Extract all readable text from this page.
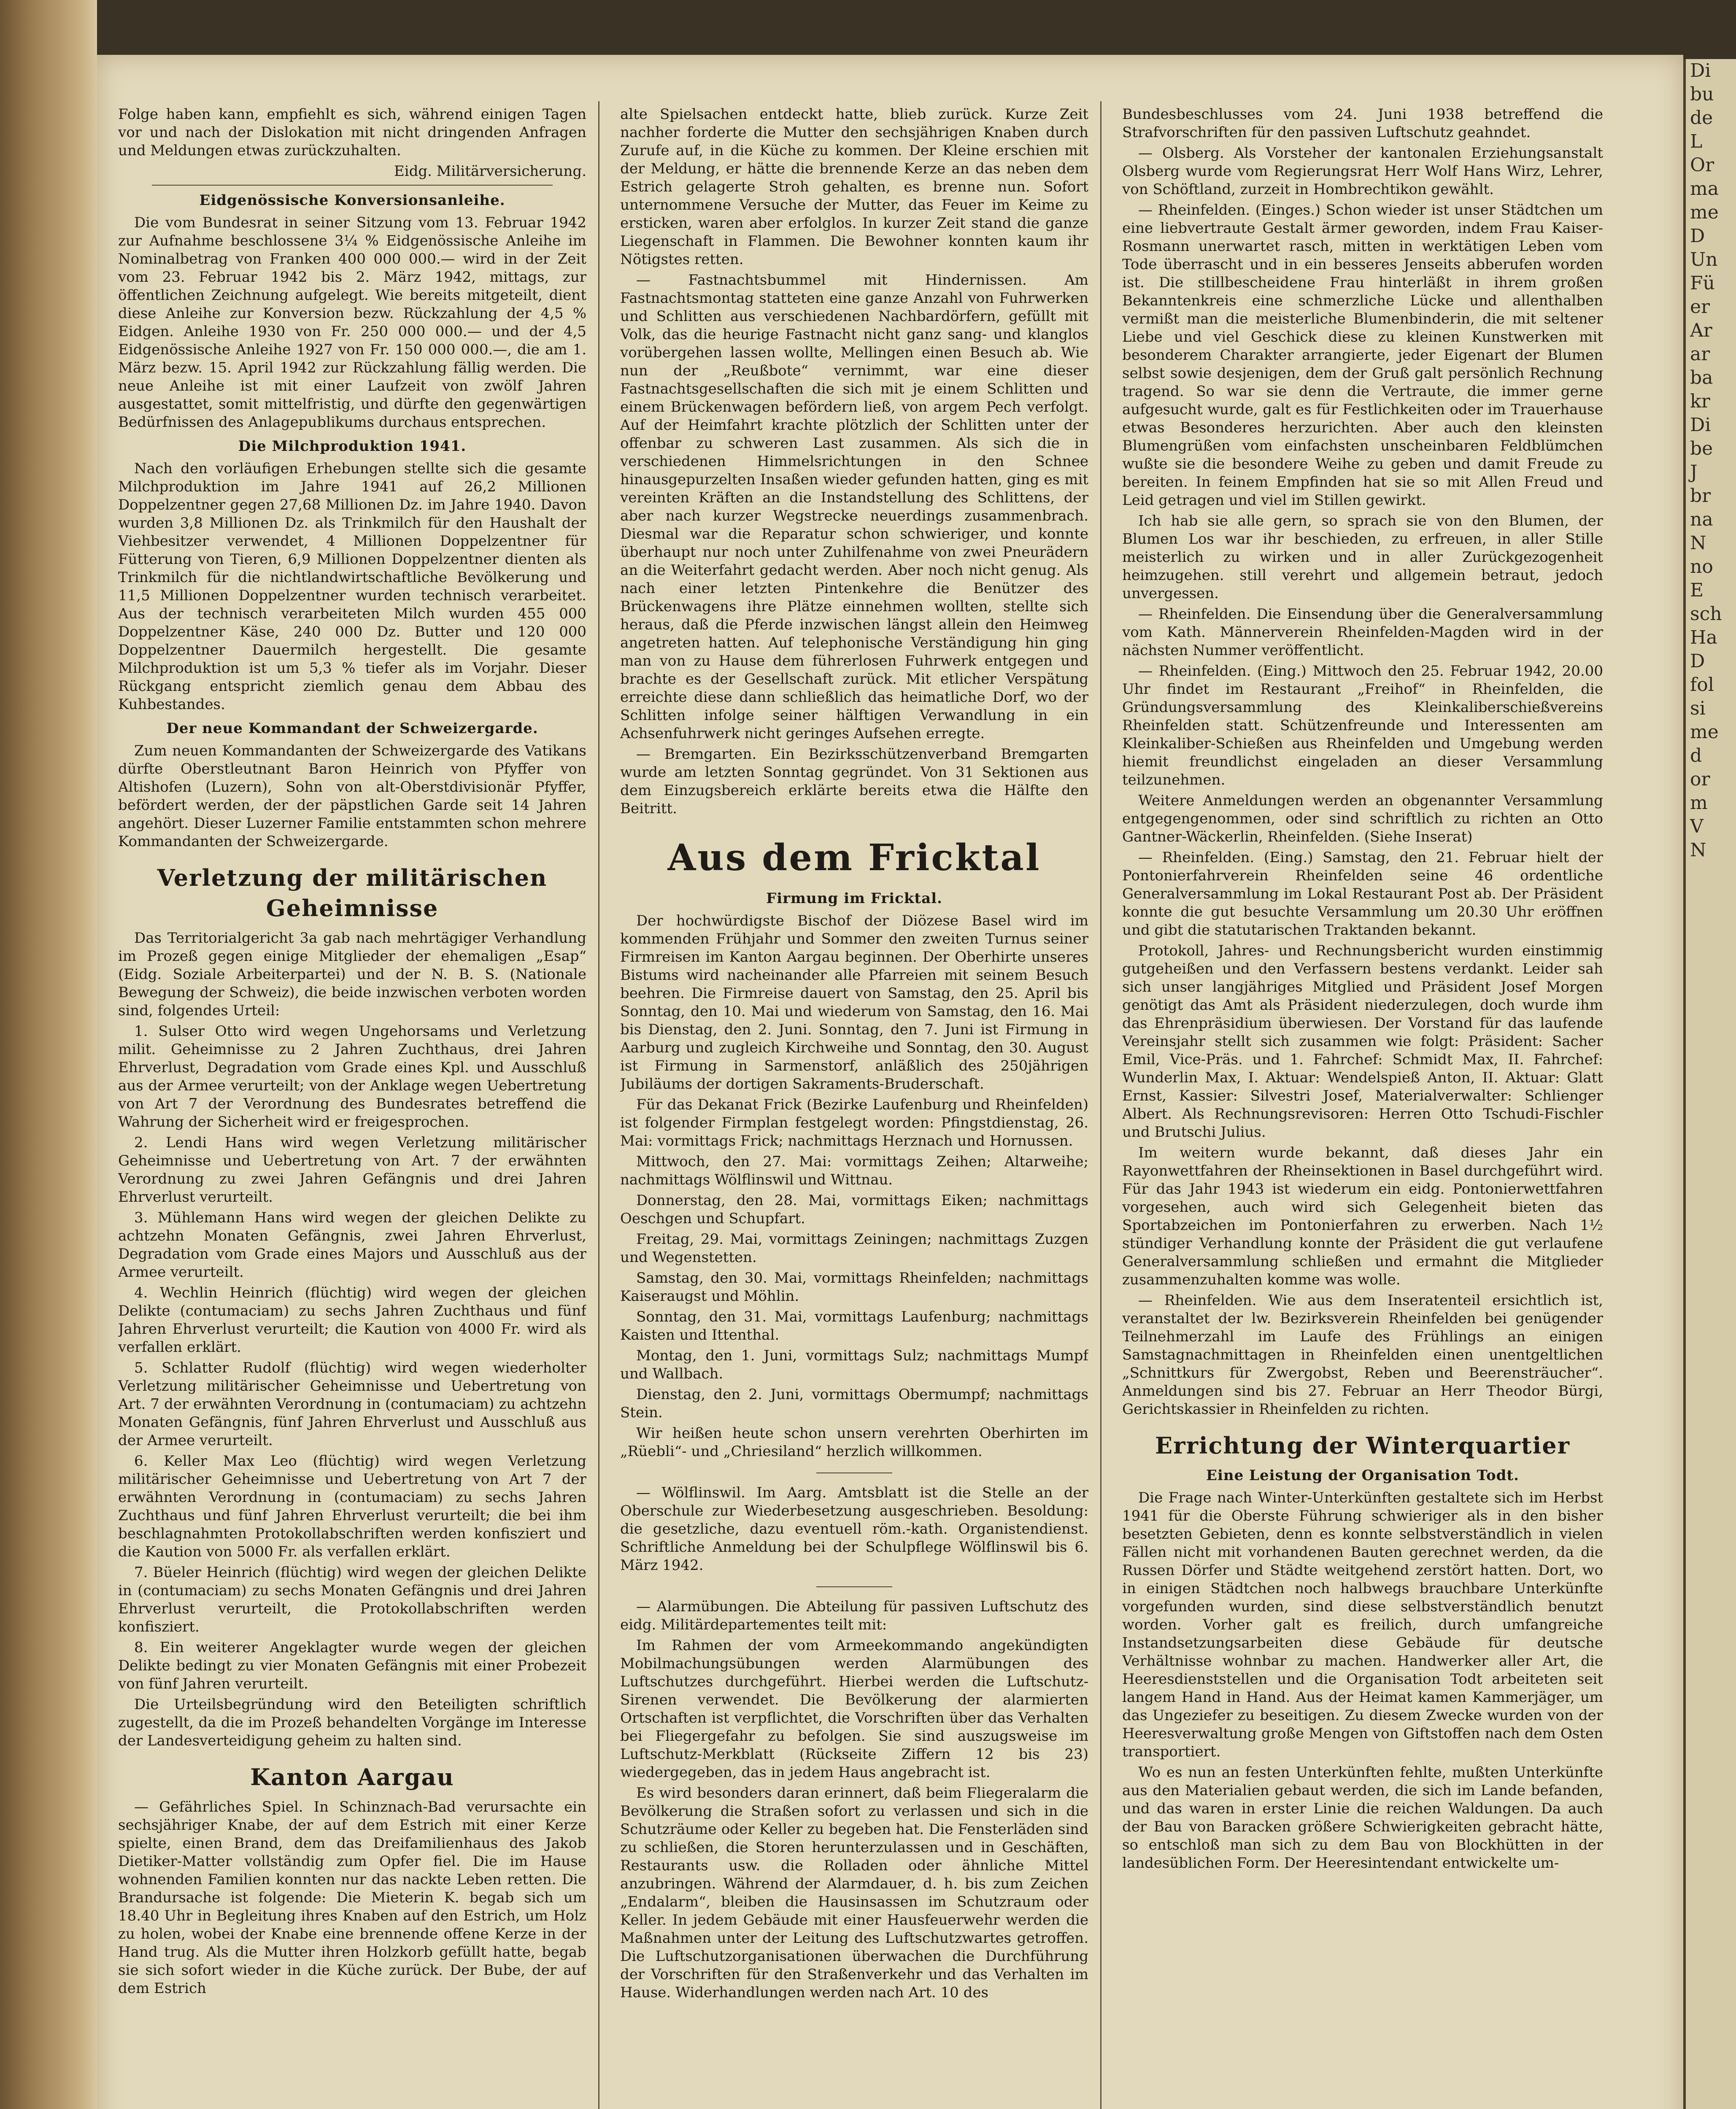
Folge haben kann, empfiehlt es sich, während einigen Tagen vor und nach der Dislokation mit nicht dringenden Anfragen und Meldungen etwas zurückzuhalten.

Eidg. Militärversicherung.

Eidgenössische Konversionsanleihe.

Die vom Bundesrat in seiner Sitzung vom 13. Februar 1942 zur Aufnahme beschlossene 3¼ % Eidgenössische Anleihe im Nominalbetrag von Franken 400 000 000.— wird in der Zeit vom 23. Februar 1942 bis 2. März 1942, mittags, zur öffentlichen Zeichnung aufgelegt. Wie bereits mitgeteilt, dient diese Anleihe zur Konversion bezw. Rückzahlung der 4,5 % Eidgen. Anleihe 1930 von Fr. 250 000 000.— und der 4,5 Eidgenössische Anleihe 1927 von Fr. 150 000 000.—, die am 1. März bezw. 15. April 1942 zur Rückzahlung fällig werden. Die neue Anleihe ist mit einer Laufzeit von zwölf Jahren ausgestattet, somit mittelfristig, und dürfte den gegenwärtigen Bedürfnissen des Anlagepublikums durchaus entsprechen.

Die Milchproduktion 1941.

Nach den vorläufigen Erhebungen stellte sich die gesamte Milchproduktion im Jahre 1941 auf 26,2 Millionen Doppelzentner gegen 27,68 Millionen Dz. im Jahre 1940. Davon wurden 3,8 Millionen Dz. als Trinkmilch für den Haushalt der Viehbesitzer verwendet, 4 Millionen Doppelzentner für Fütterung von Tieren, 6,9 Millionen Doppelzentner dienten als Trinkmilch für die nichtlandwirtschaftliche Bevölkerung und 11,5 Millionen Doppelzentner wurden technisch verarbeitet. Aus der technisch verarbeiteten Milch wurden 455 000 Doppelzentner Käse, 240 000 Dz. Butter und 120 000 Doppelzentner Dauermilch hergestellt. Die gesamte Milchproduktion ist um 5,3 % tiefer als im Vorjahr. Dieser Rückgang entspricht ziemlich genau dem Abbau des Kuhbestandes.

Der neue Kommandant der Schweizergarde.

Zum neuen Kommandanten der Schweizergarde des Vatikans dürfte Oberstleutnant Baron Heinrich von Pfyffer von Altishofen (Luzern), Sohn von alt-Oberstdivisionär Pfyffer, befördert werden, der der päpstlichen Garde seit 14 Jahren angehört. Dieser Luzerner Familie entstammten schon mehrere Kommandanten der Schweizergarde.

Verletzung der militärischen Geheimnisse

Das Territorialgericht 3a gab nach mehrtägiger Verhandlung im Prozeß gegen einige Mitglieder der ehemaligen „Esap“ (Eidg. Soziale Arbeiterpartei) und der N. B. S. (Nationale Bewegung der Schweiz), die beide inzwischen verboten worden sind, folgendes Urteil:

1. Sulser Otto wird wegen Ungehorsams und Verletzung milit. Geheimnisse zu 2 Jahren Zuchthaus, drei Jahren Ehrverlust, Degradation vom Grade eines Kpl. und Ausschluß aus der Armee verurteilt; von der Anklage wegen Uebertretung von Art 7 der Verordnung des Bundesrates betreffend die Wahrung der Sicherheit wird er freigesprochen.

2. Lendi Hans wird wegen Verletzung militärischer Geheimnisse und Uebertretung von Art. 7 der erwähnten Verordnung zu zwei Jahren Gefängnis und drei Jahren Ehrverlust verurteilt.

3. Mühlemann Hans wird wegen der gleichen Delikte zu achtzehn Monaten Gefängnis, zwei Jahren Ehrverlust, Degradation vom Grade eines Majors und Ausschluß aus der Armee verurteilt.

4. Wechlin Heinrich (flüchtig) wird wegen der gleichen Delikte (contumaciam) zu sechs Jahren Zuchthaus und fünf Jahren Ehrverlust verurteilt; die Kaution von 4000 Fr. wird als verfallen erklärt.

5. Schlatter Rudolf (flüchtig) wird wegen wiederholter Verletzung militärischer Geheimnisse und Uebertretung von Art. 7 der erwähnten Verordnung in (contumaciam) zu achtzehn Monaten Gefängnis, fünf Jahren Ehrverlust und Ausschluß aus der Armee verurteilt.

6. Keller Max Leo (flüchtig) wird wegen Verletzung militärischer Geheimnisse und Uebertretung von Art 7 der erwähnten Verordnung in (contumaciam) zu sechs Jahren Zuchthaus und fünf Jahren Ehrverlust verurteilt; die bei ihm beschlagnahmten Protokollabschriften werden konfisziert und die Kaution von 5000 Fr. als verfallen erklärt.

7. Büeler Heinrich (flüchtig) wird wegen der gleichen Delikte in (contumaciam) zu sechs Monaten Gefängnis und drei Jahren Ehrverlust verurteilt, die Protokollabschriften werden konfisziert.

8. Ein weiterer Angeklagter wurde wegen der gleichen Delikte bedingt zu vier Monaten Gefängnis mit einer Probezeit von fünf Jahren verurteilt.

Die Urteilsbegründung wird den Beteiligten schriftlich zugestellt, da die im Prozeß behandelten Vorgänge im Interesse der Landesverteidigung geheim zu halten sind.

Kanton Aargau

— Gefährliches Spiel. In Schinznach-Bad verursachte ein sechsjähriger Knabe, der auf dem Estrich mit einer Kerze spielte, einen Brand, dem das Dreifamilienhaus des Jakob Dietiker-Matter vollständig zum Opfer fiel. Die im Hause wohnenden Familien konnten nur das nackte Leben retten. Die Brandursache ist folgende: Die Mieterin K. begab sich um 18.40 Uhr in Begleitung ihres Knaben auf den Estrich, um Holz zu holen, wobei der Knabe eine brennende offene Kerze in der Hand trug. Als die Mutter ihren Holzkorb gefüllt hatte, begab sie sich sofort wieder in die Küche zurück. Der Bube, der auf dem Estrich

alte Spielsachen entdeckt hatte, blieb zurück. Kurze Zeit nachher forderte die Mutter den sechsjährigen Knaben durch Zurufe auf, in die Küche zu kommen. Der Kleine erschien mit der Meldung, er hätte die brennende Kerze an das neben dem Estrich gelagerte Stroh gehalten, es brenne nun. Sofort unternommene Versuche der Mutter, das Feuer im Keime zu ersticken, waren aber erfolglos. In kurzer Zeit stand die ganze Liegenschaft in Flammen. Die Bewohner konnten kaum ihr Nötigstes retten.

— Fastnachtsbummel mit Hindernissen. Am Fastnachtsmontag statteten eine ganze Anzahl von Fuhrwerken und Schlitten aus verschiedenen Nachbardörfern, gefüllt mit Volk, das die heurige Fastnacht nicht ganz sang- und klanglos vorübergehen lassen wollte, Mellingen einen Besuch ab. Wie nun der „Reußbote“ vernimmt, war eine dieser Fastnachtsgesellschaften die sich mit je einem Schlitten und einem Brückenwagen befördern ließ, von argem Pech verfolgt. Auf der Heimfahrt krachte plötzlich der Schlitten unter der offenbar zu schweren Last zusammen. Als sich die in verschiedenen Himmelsrichtungen in den Schnee hinausgepurzelten Insaßen wieder gefunden hatten, ging es mit vereinten Kräften an die Instandstellung des Schlittens, der aber nach kurzer Wegstrecke neuerdings zusammenbrach. Diesmal war die Reparatur schon schwieriger, und konnte überhaupt nur noch unter Zuhilfenahme von zwei Pneurädern an die Weiterfahrt gedacht werden. Aber noch nicht genug. Als nach einer letzten Pintenkehre die Benützer des Brückenwagens ihre Plätze einnehmen wollten, stellte sich heraus, daß die Pferde inzwischen längst allein den Heimweg angetreten hatten. Auf telephonische Verständigung hin ging man von zu Hause dem führerlosen Fuhrwerk entgegen und brachte es der Gesellschaft zurück. Mit etlicher Verspätung erreichte diese dann schließlich das heimatliche Dorf, wo der Schlitten infolge seiner hälftigen Verwandlung in ein Achsenfuhrwerk nicht geringes Aufsehen erregte.

— Bremgarten. Ein Bezirksschützenverband Bremgarten wurde am letzten Sonntag gegründet. Von 31 Sektionen aus dem Einzugsbereich erklärte bereits etwa die Hälfte den Beitritt.

Aus dem Fricktal
Firmung im Fricktal.

Der hochwürdigste Bischof der Diözese Basel wird im kommenden Frühjahr und Sommer den zweiten Turnus seiner Firmreisen im Kanton Aargau beginnen. Der Oberhirte unseres Bistums wird nacheinander alle Pfarreien mit seinem Besuch beehren. Die Firmreise dauert von Samstag, den 25. April bis Sonntag, den 10. Mai und wiederum von Samstag, den 16. Mai bis Dienstag, den 2. Juni. Sonntag, den 7. Juni ist Firmung in Aarburg und zugleich Kirchweihe und Sonntag, den 30. August ist Firmung in Sarmenstorf, anläßlich des 250jährigen Jubiläums der dortigen Sakraments-Bruderschaft.

Für das Dekanat Frick (Bezirke Laufenburg und Rheinfelden) ist folgender Firmplan festgelegt worden: Pfingstdienstag, 26. Mai: vormittags Frick; nachmittags Herznach und Hornussen.

Mittwoch, den 27. Mai: vormittags Zeihen; Altarweihe; nachmittags Wölflinswil und Wittnau.

Donnerstag, den 28. Mai, vormittags Eiken; nachmittags Oeschgen und Schupfart.

Freitag, 29. Mai, vormittags Zeiningen; nachmittags Zuzgen und Wegenstetten.

Samstag, den 30. Mai, vormittags Rheinfelden; nachmittags Kaiseraugst und Möhlin.

Sonntag, den 31. Mai, vormittags Laufenburg; nachmittags Kaisten und Ittenthal.

Montag, den 1. Juni, vormittags Sulz; nachmittags Mumpf und Wallbach.

Dienstag, den 2. Juni, vormittags Obermumpf; nachmittags Stein.

Wir heißen heute schon unsern verehrten Oberhirten im „Rüebli“- und „Chriesiland“ herzlich willkommen.

— Wölflinswil. Im Aarg. Amtsblatt ist die Stelle an der Oberschule zur Wiederbesetzung ausgeschrieben. Besoldung: die gesetzliche, dazu eventuell röm.-kath. Organistendienst. Schriftliche Anmeldung bei der Schulpflege Wölflinswil bis 6. März 1942.

— Alarmübungen. Die Abteilung für passiven Luftschutz des eidg. Militärdepartementes teilt mit:

Im Rahmen der vom Armeekommando angekündigten Mobilmachungsübungen werden Alarmübungen des Luftschutzes durchgeführt. Hierbei werden die Luftschutz-Sirenen verwendet. Die Bevölkerung der alarmierten Ortschaften ist verpflichtet, die Vorschriften über das Verhalten bei Fliegergefahr zu befolgen. Sie sind auszugsweise im Luftschutz-Merkblatt (Rückseite Ziffern 12 bis 23) wiedergegeben, das in jedem Haus angebracht ist.

Es wird besonders daran erinnert, daß beim Fliegeralarm die Bevölkerung die Straßen sofort zu verlassen und sich in die Schutzräume oder Keller zu begeben hat. Die Fensterläden sind zu schließen, die Storen herunterzulassen und in Geschäften, Restaurants usw. die Rolladen oder ähnliche Mittel anzubringen. Während der Alarmdauer, d. h. bis zum Zeichen „Endalarm“, bleiben die Hausinsassen im Schutzraum oder Keller. In jedem Gebäude mit einer Hausfeuerwehr werden die Maßnahmen unter der Leitung des Luftschutzwartes getroffen. Die Luftschutzorganisationen überwachen die Durchführung der Vorschriften für den Straßenverkehr und das Verhalten im Hause. Widerhandlungen werden nach Art. 10 des

Bundesbeschlusses vom 24. Juni 1938 betreffend die Strafvorschriften für den passiven Luftschutz geahndet.

— Olsberg. Als Vorsteher der kantonalen Erziehungsanstalt Olsberg wurde vom Regierungsrat Herr Wolf Hans Wirz, Lehrer, von Schöftland, zurzeit in Hombrechtikon gewählt.

— Rheinfelden. (Einges.) Schon wieder ist unser Städtchen um eine liebvertraute Gestalt ärmer geworden, indem Frau Kaiser-Rosmann unerwartet rasch, mitten in werktätigen Leben vom Tode überrascht und in ein besseres Jenseits abberufen worden ist. Die stillbescheidene Frau hinterläßt in ihrem großen Bekanntenkreis eine schmerzliche Lücke und allenthalben vermißt man die meisterliche Blumenbinderin, die mit seltener Liebe und viel Geschick diese zu kleinen Kunstwerken mit besonderem Charakter arrangierte, jeder Eigenart der Blumen selbst sowie desjenigen, dem der Gruß galt persönlich Rechnung tragend. So war sie denn die Vertraute, die immer gerne aufgesucht wurde, galt es für Festlichkeiten oder im Trauerhause etwas Besonderes herzurichten. Aber auch den kleinsten Blumengrüßen vom einfachsten unscheinbaren Feldblümchen wußte sie die besondere Weihe zu geben und damit Freude zu bereiten. In feinem Empfinden hat sie so mit Allen Freud und Leid getragen und viel im Stillen gewirkt.

Ich hab sie alle gern, so sprach sie von den Blumen, der Blumen Los war ihr beschieden, zu erfreuen, in aller Stille meisterlich zu wirken und in aller Zurückgezogenheit heimzugehen. still verehrt und allgemein betraut, jedoch unvergessen.

— Rheinfelden. Die Einsendung über die Generalversammlung vom Kath. Männerverein Rheinfelden-Magden wird in der nächsten Nummer veröffentlicht.

— Rheinfelden. (Eing.) Mittwoch den 25. Februar 1942, 20.00 Uhr findet im Restaurant „Freihof“ in Rheinfelden, die Gründungsversammlung des Kleinkaliberschießvereins Rheinfelden statt. Schützenfreunde und Interessenten am Kleinkaliber-Schießen aus Rheinfelden und Umgebung werden hiemit freundlichst eingeladen an dieser Versammlung teilzunehmen.

Weitere Anmeldungen werden an obgenannter Versammlung entgegengenommen, oder sind schriftlich zu richten an Otto Gantner-Wäckerlin, Rheinfelden. (Siehe Inserat)

— Rheinfelden. (Eing.) Samstag, den 21. Februar hielt der Pontonierfahrverein Rheinfelden seine 46 ordentliche Generalversammlung im Lokal Restaurant Post ab. Der Präsident konnte die gut besuchte Versammlung um 20.30 Uhr eröffnen und gibt die statutarischen Traktanden bekannt.

Protokoll, Jahres- und Rechnungsbericht wurden einstimmig gutgeheißen und den Verfassern bestens verdankt. Leider sah sich unser langjähriges Mitglied und Präsident Josef Morgen genötigt das Amt als Präsident niederzulegen, doch wurde ihm das Ehrenpräsidium überwiesen. Der Vorstand für das laufende Vereinsjahr stellt sich zusammen wie folgt: Präsident: Sacher Emil, Vice-Präs. und 1. Fahrchef: Schmidt Max, II. Fahrchef: Wunderlin Max, I. Aktuar: Wendelspieß Anton, II. Aktuar: Glatt Ernst, Kassier: Silvestri Josef, Materialverwalter: Schlienger Albert. Als Rechnungsrevisoren: Herren Otto Tschudi-Fischler und Brutschi Julius.

Im weitern wurde bekannt, daß dieses Jahr ein Rayonwettfahren der Rheinsektionen in Basel durchgeführt wird. Für das Jahr 1943 ist wiederum ein eidg. Pontonierwettfahren vorgesehen, auch wird sich Gelegenheit bieten das Sportabzeichen im Pontonierfahren zu erwerben. Nach 1½ stündiger Verhandlung konnte der Präsident die gut verlaufene Generalversammlung schließen und ermahnt die Mitglieder zusammenzuhalten komme was wolle.

— Rheinfelden. Wie aus dem Inseratenteil ersichtlich ist, veranstaltet der lw. Bezirksverein Rheinfelden bei genügender Teilnehmerzahl im Laufe des Frühlings an einigen Samstagnachmittagen in Rheinfelden einen unentgeltlichen „Schnittkurs für Zwergobst, Reben und Beerensträucher“. Anmeldungen sind bis 27. Februar an Herr Theodor Bürgi, Gerichtskassier in Rheinfelden zu richten.

Errichtung der Winterquartier
Eine Leistung der Organisation Todt.

Die Frage nach Winter-Unterkünften gestaltete sich im Herbst 1941 für die Oberste Führung schwieriger als in den bisher besetzten Gebieten, denn es konnte selbstverständlich in vielen Fällen nicht mit vorhandenen Bauten gerechnet werden, da die Russen Dörfer und Städte weitgehend zerstört hatten. Dort, wo in einigen Städtchen noch halbwegs brauchbare Unterkünfte vorgefunden wurden, sind diese selbstverständlich benutzt worden. Vorher galt es freilich, durch umfangreiche Instandsetzungsarbeiten diese Gebäude für deutsche Verhältnisse wohnbar zu machen. Handwerker aller Art, die Heeresdienststellen und die Organisation Todt arbeiteten seit langem Hand in Hand. Aus der Heimat kamen Kammerjäger, um das Ungeziefer zu beseitigen. Zu diesem Zwecke wurden von der Heeresverwaltung große Mengen von Giftstoffen nach dem Osten transportiert.

Wo es nun an festen Unterkünften fehlte, mußten Unterkünfte aus den Materialien gebaut werden, die sich im Lande befanden, und das waren in erster Linie die reichen Waldungen. Da auch der Bau von Baracken größere Schwierigkeiten gebracht hätte, so entschloß man sich zu dem Bau von Blockhütten in der landesüblichen Form. Der Heeresintendant entwickelte um-

Di
bu
de
L
Or
ma
me
D
Un
Fü
er
Ar
ar
ba
kr
Di
be
J
br
na
N
no
E
sch
Ha
D
fol
si
me
d
or
m
V
N
